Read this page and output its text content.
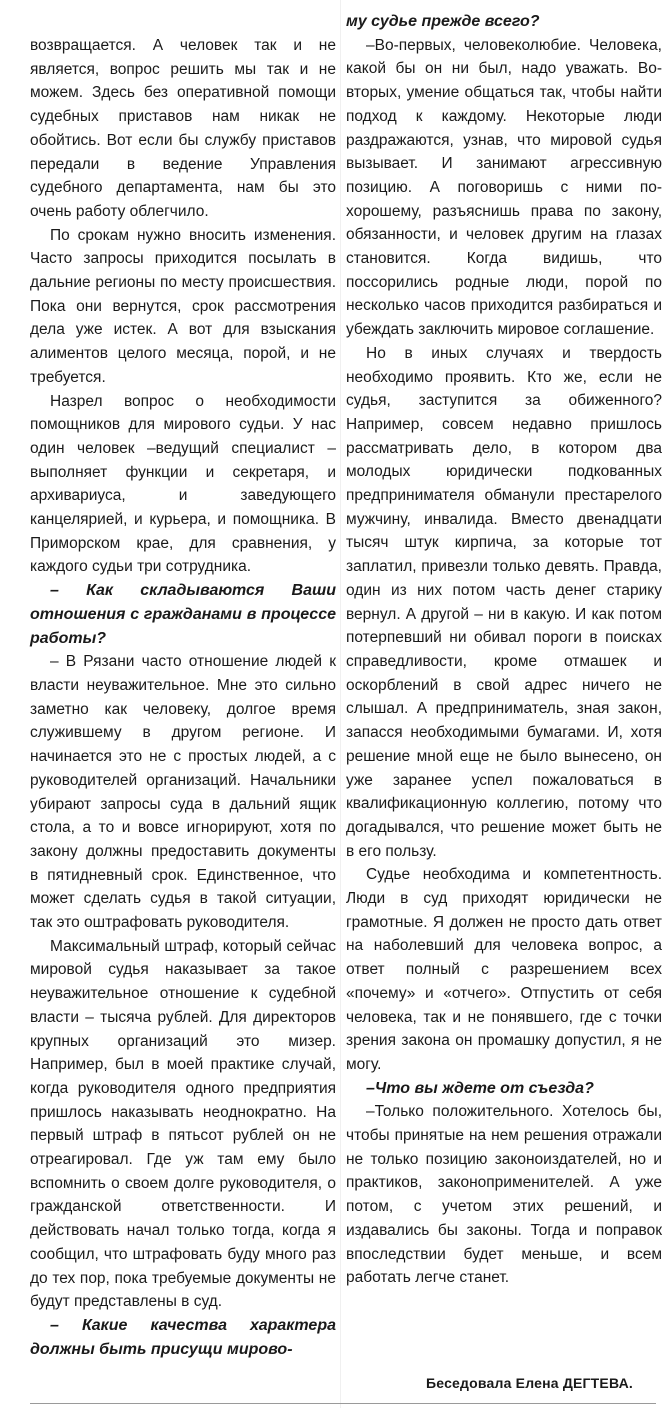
возвращается. А человек так и не является, вопрос решить мы так и не можем. Здесь без оперативной помощи судебных приставов нам никак не обойтись. Вот если бы службу приставов передали в ведение Управления судебного департамента, нам бы это очень работу облегчило.

По срокам нужно вносить изменения. Часто запросы приходится посылать в дальние регионы по месту происшествия. Пока они вернутся, срок рассмотрения дела уже истек. А вот для взыскания алиментов целого месяца, порой, и не требуется.

Назрел вопрос о необходимости помощников для мирового судьи. У нас один человек –ведущий специалист – выполняет функции и секретаря, и архивариуса, и заведующего канцелярией, и курьера, и помощника. В Приморском крае, для сравнения, у каждого судьи три сотрудника.

– Как складываются Ваши отношения с гражданами в процессе работы?

– В Рязани часто отношение людей к власти неуважительное. Мне это сильно заметно как человеку, долгое время служившему в другом регионе. И начинается это не с простых людей, а с руководителей организаций. Начальники убирают запросы суда в дальний ящик стола, а то и вовсе игнорируют, хотя по закону должны предоставить документы в пятидневный срок. Единственное, что может сделать судья в такой ситуации, так это оштрафовать руководителя.

Максимальный штраф, который сейчас мировой судья наказывает за такое неуважительное отношение к судебной власти – тысяча рублей. Для директоров крупных организаций это мизер. Например, был в моей практике случай, когда руководителя одного предприятия пришлось наказывать неоднократно. На первый штраф в пятьсот рублей он не отреагировал. Где уж там ему было вспомнить о своем долге руководителя, о гражданской ответственности. И действовать начал только тогда, когда я сообщил, что штрафовать буду много раз до тех пор, пока требуемые документы не будут представлены в суд.

– Какие качества характера должны быть присущи мирово-

му судье прежде всего?

–Во-первых, человеколюбие. Человека, какой бы он ни был, надо уважать. Во-вторых, умение общаться так, чтобы найти подход к каждому. Некоторые люди раздражаются, узнав, что мировой судья вызывает. И занимают агрессивную позицию. А поговоришь с ними по-хорошему, разъяснишь права по закону, обязанности, и человек другим на глазах становится. Когда видишь, что поссорились родные люди, порой по несколько часов приходится разбираться и убеждать заключить мировое соглашение.

Но в иных случаях и твердость необходимо проявить. Кто же, если не судья, заступится за обиженного? Например, совсем недавно пришлось рассматривать дело, в котором два молодых юридически подкованных предпринимателя обманули престарелого мужчину, инвалида. Вместо двенадцати тысяч штук кирпича, за которые тот заплатил, привезли только девять. Правда, один из них потом часть денег старику вернул. А другой – ни в какую. И как потом потерпевший ни обивал пороги в поисках справедливости, кроме отмашек и оскорблений в свой адрес ничего не слышал. А предприниматель, зная закон, запасся необходимыми бумагами. И, хотя решение мной еще не было вынесено, он уже заранее успел пожаловаться в квалификационную коллегию, потому что догадывался, что решение может быть не в его пользу.

Судье необходима и компетентность. Люди в суд приходят юридически не грамотные. Я должен не просто дать ответ на наболевший для человека вопрос, а ответ полный с разрешением всех «почему» и «отчего». Отпустить от себя человека, так и не понявшего, где с точки зрения закона он промашку допустил, я не могу.

–Что вы ждете от съезда?

–Только положительного. Хотелось бы, чтобы принятые на нем решения отражали не только позицию законоиздателей, но и практиков, законоприменителей. А уже потом, с учетом этих решений, и издавались бы законы. Тогда и поправок впоследствии будет меньше, и всем работать легче станет.

Беседовала Елена ДЕГТЕВА.
